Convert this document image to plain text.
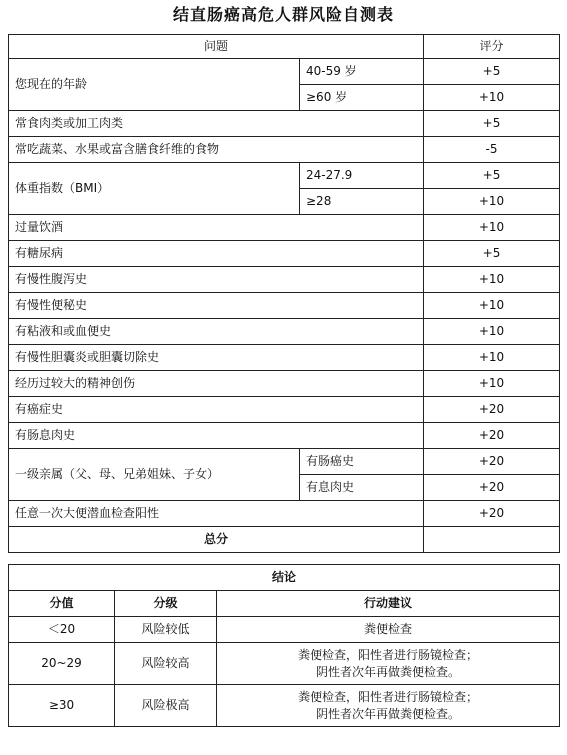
结直肠癌高危人群风险自测表
问题		评分
您现在的年龄	40-59 岁	+5
	≥60 岁	+10
常食肉类或加工肉类		+5
常吃蔬菜、水果或富含膳食纤维的食物		-5
体重指数（BMI）	24-27.9	+5
	≥28	+10
过量饮酒		+10
有糖尿病		+5
有慢性腹泻史		+10
有慢性便秘史		+10
有粘液和或血便史		+10
有慢性胆囊炎或胆囊切除史		+10
经历过较大的精神创伤		+10
有癌症史		+20
有肠息肉史		+20
一级亲属（父、母、兄弟姐妹、子女）	有肠癌史	+20
	有息肉史	+20
任意一次大便潜血检查阳性		+20
总分		
结论		
分值	分级	行动建议
＜20	风险较低	粪便检查
20~29	风险较高	粪便检查，阳性者进行肠镜检查；
阴性者次年再做粪便检查。

≥30	风险极高	粪便检查，阳性者进行肠镜检查；
阴性者次年再做粪便检查。
